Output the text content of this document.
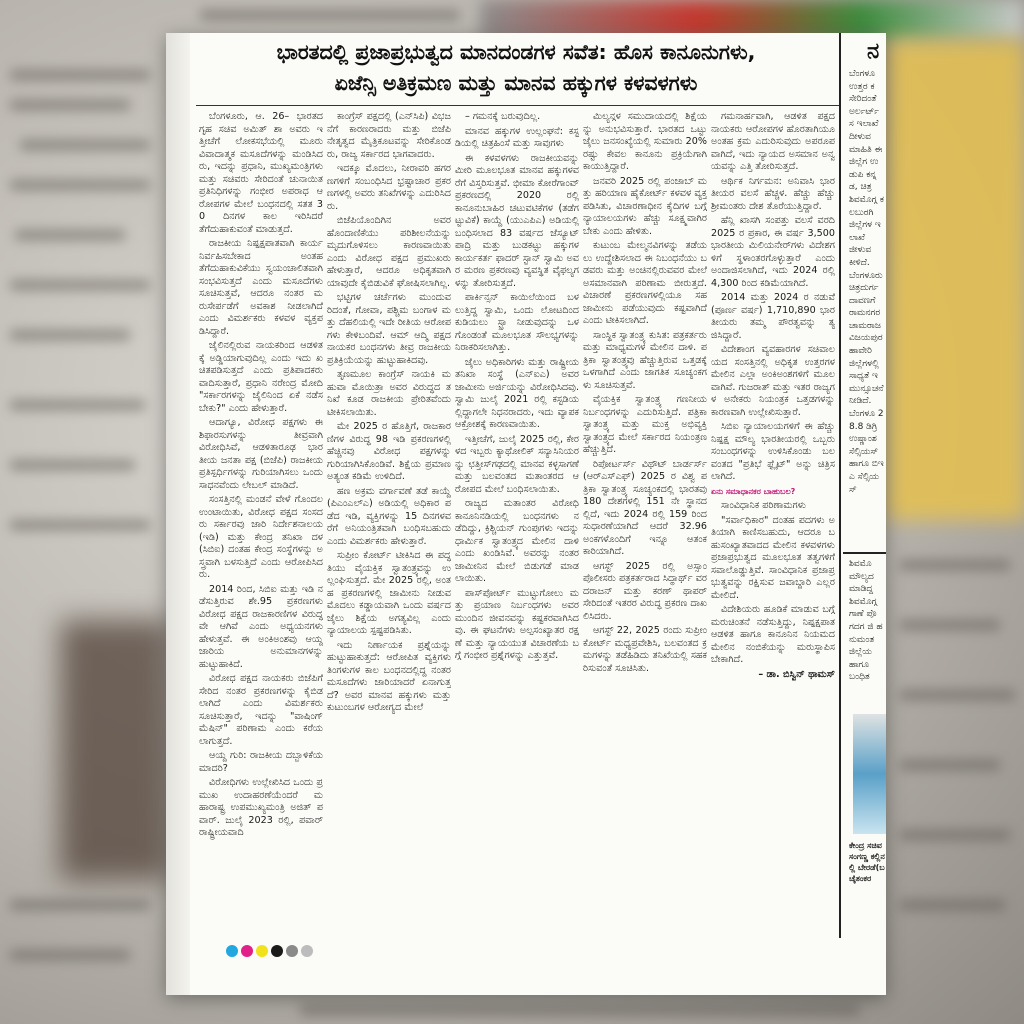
ಭಾರತದಲ್ಲಿ ಪ್ರಜಾಪ್ರಭುತ್ವದ ಮಾನದಂಡಗಳ ಸವೆತ: ಹೊಸ ಕಾನೂನುಗಳು,
ಏಜೆನ್ಸಿ ಅತಿಕ್ರಮಣ ಮತ್ತು ಮಾನವ ಹಕ್ಕುಗಳ ಕಳವಳಗಳು

ಬೆಂಗಳೂರು, ಆ. 26– ಭಾರತದ ಗೃಹ ಸಚಿವ ಅಮಿತ್ ಶಾ ಅವರು ಇತ್ತೀಚೆಗೆ ಲೋಕಸಭೆಯಲ್ಲಿ ಮೂರು ವಿವಾದಾತ್ಮಕ ಮಸೂದೆಗಳನ್ನು ಮಂಡಿಸಿದರು, ಇದನ್ನು ಪ್ರಧಾನಿ, ಮುಖ್ಯಮಂತ್ರಿಗಳು ಮತ್ತು ಸಚಿವರು ಸೇರಿದಂತೆ ಚುನಾಯಿತ ಪ್ರತಿನಿಧಿಗಳನ್ನು ಗಂಭೀರ ಅಪರಾಧ ಆರೋಪಗಳ ಮೇಲೆ ಬಂಧನದಲ್ಲಿ ಸತತ 30 ದಿನಗಳ ಕಾಲ ಇರಿಸಿದರೆ ತೆಗೆದುಹಾಕುವಂತೆ ಮಾಡುತ್ತದೆ.

ರಾಜಕೀಯ ನಿಷ್ಪಕ್ಷಪಾತವಾಗಿ ಕಾರ್ಯನಿರ್ವಹಿಸಬೇಕಾದ ಅಂತಹ ತೆಗೆದುಹಾಕುವಿಕೆಯು ಸ್ವಯಂಚಾಲಿತವಾಗಿ ಸಂಭವಿಸುತ್ತದೆ ಎಂದು ಮಸೂದೆಗಳು ಸೂಚಿಸುತ್ತವೆ, ಆದರೂ ನಂತರ ಮರುಸೇರ್ಪಡೆಗೆ ಅವಕಾಶ ನೀಡಲಾಗಿದೆ ಎಂದು ವಿಮರ್ಶಕರು ಕಳವಳ ವ್ಯಕ್ತಪಡಿಸಿದ್ದಾರೆ.

ಜೈಲಿನಲ್ಲಿರುವ ನಾಯಕರಿಂದ ಆಡಳಿತಕ್ಕೆ ಅಡ್ಡಿಯಾಗುವುದಿಲ್ಲ ಎಂದು ಇದು ಖಚಿತಪಡಿಸುತ್ತದೆ ಎಂದು ಪ್ರತಿಪಾದಕರು ವಾದಿಸುತ್ತಾರೆ, ಪ್ರಧಾನಿ ನರೇಂದ್ರ ಮೋದಿ "ಸರ್ಕಾರಗಳನ್ನು ಜೈಲಿನಿಂದ ಏಕೆ ನಡೆಸಬೇಕು?" ಎಂದು ಹೇಳುತ್ತಾರೆ.

ಆದಾಗ್ಯೂ, ವಿರೋಧ ಪಕ್ಷಗಳು ಈ ಶಿಫಾರಸುಗಳನ್ನು ತೀವ್ರವಾಗಿ ವಿರೋಧಿಸಿವೆ, ಆಡಳಿತಾರೂಢ ಭಾರತೀಯ ಜನತಾ ಪಕ್ಷ (ಬಿಜೆಪಿ) ರಾಜಕೀಯ ಪ್ರತಿಸ್ಪರ್ಧಿಗಳನ್ನು ಗುರಿಯಾಗಿಸಲು ಒಂದು ಸಾಧನವೆಂದು ಲೇಬಲ್ ಮಾಡಿದೆ.

ಸಂಸತ್ತಿನಲ್ಲಿ ಮಂಡನೆ ವೇಳೆ ಗೊಂದಲ ಉಂಟಾಯಿತು, ವಿರೋಧ ಪಕ್ಷದ ಸಂಸದರು ಸರ್ಕಾರವು ಜಾರಿ ನಿರ್ದೇಶನಾಲಯ (ಇಡಿ) ಮತ್ತು ಕೇಂದ್ರ ತನಿಖಾ ದಳ (ಸಿಬಿಐ) ದಂತಹ ಕೇಂದ್ರ ಸಂಸ್ಥೆಗಳನ್ನು ಅಸ್ತ್ರವಾಗಿ ಬಳಸುತ್ತಿದೆ ಎಂದು ಆರೋಪಿಸಿದರು.

2014 ರಿಂದ, ಸಿಬಿಐ ಮತ್ತು ಇಡಿ ನಡೆಸುತ್ತಿರುವ ಶೇ.95 ಪ್ರಕರಣಗಳು ವಿರೋಧ ಪಕ್ಷದ ರಾಜಕಾರಣಿಗಳ ವಿರುದ್ಧವೇ ಆಗಿವೆ ಎಂದು ಅಧ್ಯಯನಗಳು ಹೇಳುತ್ತವೆ. ಈ ಅಂಕಿಅಂಶವು ಆಯ್ದ ಜಾರಿಯ ಅನುಮಾನಗಳನ್ನು ಹುಟ್ಟುಹಾಕಿದೆ.

ವಿರೋಧ ಪಕ್ಷದ ನಾಯಕರು ಬಿಜೆಪಿಗೆ ಸೇರಿದ ನಂತರ ಪ್ರಕರಣಗಳನ್ನು ಕೈಬಿಡಲಾಗಿದೆ ಎಂದು ವಿಮರ್ಶಕರು ಸೂಚಿಸುತ್ತಾರೆ, ಇದನ್ನು "ವಾಷಿಂಗ್ ಮೆಷಿನ್" ಪರಿಣಾಮ ಎಂದು ಕರೆಯಲಾಗುತ್ತದೆ.

ಆಯ್ದ ಗುರಿ: ರಾಜಕೀಯ ದಬ್ಬಾಳಿಕೆಯ ಮಾದರಿ?

ವಿರೋಧಿಗಳು ಉಲ್ಲೇಖಿಸಿದ ಒಂದು ಪ್ರಮುಖ ಉದಾಹರಣೆಯೆಂದರೆ ಮಹಾರಾಷ್ಟ್ರ ಉಪಮುಖ್ಯಮಂತ್ರಿ ಅಜಿತ್ ಪವಾರ್. ಜುಲೈ 2023 ರಲ್ಲಿ, ಪವಾರ್ ರಾಷ್ಟ್ರೀಯವಾದಿ

ಕಾಂಗ್ರೆಸ್ ಪಕ್ಷದಲ್ಲಿ (ಎನ್‌ಸಿಪಿ) ವಿಭಜನೆಗೆ ಕಾರಣರಾದರು ಮತ್ತು ಬಿಜೆಪಿ ನೇತೃತ್ವದ ಮೈತ್ರಿಕೂಟವನ್ನು ಸೇರಿಕೊಂಡರು, ರಾಜ್ಯ ಸರ್ಕಾರದ ಭಾಗವಾದರು.

ಇದಕ್ಕೂ ಮೊದಲು, ನೀರಾವರಿ ಹಗರಣಗಳಿಗೆ ಸಂಬಂಧಿಸಿದ ಭ್ರಷ್ಟಾಚಾರ ಪ್ರಕರಣಗಳಲ್ಲಿ ಅವರು ತನಿಖೆಗಳನ್ನು ಎದುರಿಸಿದರು.

ಬಿಜೆಪಿಯೊಂದಿಗಿನ ಅವರ ಹೊಂದಾಣಿಕೆಯು ಪರಿಶೀಲನೆಯನ್ನು ಮೃದುಗೊಳಿಸಲು ಕಾರಣವಾಯಿತು ಎಂದು ವಿರೋಧ ಪಕ್ಷದ ಪ್ರಮುಖರು ಹೇಳುತ್ತಾರೆ, ಆದರೂ ಅಧಿಕೃತವಾಗಿ ಯಾವುದೇ ಕೈಬಿಡುವಿಕೆ ಘೋಷಿಸಲಾಗಿಲ್ಲ.

ಭಟ್ಟಿಗಳ ಚರ್ಚೆಗಳು ಮುಂದುವರಿದಂತೆ, ಗೋವಾ, ಪಶ್ಚಿಮ ಬಂಗಾಳ ಮತ್ತು ದೆಹಲಿಯಲ್ಲಿ ಇದೇ ರೀತಿಯ ಆರೋಪಗಳು ಕೇಳಿಬಂದಿವೆ. ಆಮ್ ಆದ್ಮಿ ಪಕ್ಷದ ನಾಯಕರ ಬಂಧನಗಳು ತೀವ್ರ ರಾಜಕೀಯ ಪ್ರತಿಕ್ರಿಯೆಯನ್ನು ಹುಟ್ಟುಹಾಕಿದವು.

ತೃಣಮೂಲ ಕಾಂಗ್ರೆಸ್ ನಾಯಕಿ ಮಹುವಾ ಮೊಯಿತ್ರಾ ಅವರ ವಿರುದ್ಧದ ತನಿಖೆ ಕೂಡ ರಾಜಕೀಯ ಪ್ರೇರಿತವೆಂದು ಟೀಕಿಸಲಾಯಿತು.

ಮೇ 2025 ರ ಹೊತ್ತಿಗೆ, ರಾಜಕಾರಣಿಗಳ ವಿರುದ್ಧ 98 ಇಡಿ ಪ್ರಕರಣಗಳಲ್ಲಿ ಹೆಚ್ಚಿನವು ವಿರೋಧ ಪಕ್ಷಗಳನ್ನು ಗುರಿಯಾಗಿಸಿಕೊಂಡಿವೆ. ಶಿಕ್ಷೆಯ ಪ್ರಮಾಣ ಅತ್ಯಂತ ಕಡಿಮೆ ಉಳಿದಿದೆ.

ಹಣ ಅಕ್ರಮ ವರ್ಗಾವಣೆ ತಡೆ ಕಾಯ್ದೆ (ಪಿಎಂಎಲ್‌ಎ) ಅಡಿಯಲ್ಲಿ ಅಧಿಕಾರ ಪಡೆದ ಇಡಿ, ವ್ಯಕ್ತಿಗಳನ್ನು 15 ದಿನಗಳವರೆಗೆ ಅನಿಯಂತ್ರಿತವಾಗಿ ಬಂಧಿಸಬಹುದು ಎಂದು ವಿಮರ್ಶಕರು ಹೇಳುತ್ತಾರೆ.

ಸುಪ್ರೀಂ ಕೋರ್ಟ್ ಟೀಕಿಸಿದ ಈ ಪದ್ಧತಿಯು ವೈಯಕ್ತಿಕ ಸ್ವಾತಂತ್ರ್ಯವನ್ನು ಉಲ್ಲಂಘಿಸುತ್ತದೆ. ಮೇ 2025 ರಲ್ಲಿ, ಅಂತಹ ಪ್ರಕರಣಗಳಲ್ಲಿ ಜಾಮೀನು ನೀಡುವ ಮೊದಲು ಕಡ್ಡಾಯವಾಗಿ ಒಂದು ವರ್ಷದ ಜೈಲು ಶಿಕ್ಷೆಯ ಅಗತ್ಯವಿಲ್ಲ ಎಂದು ನ್ಯಾಯಾಲಯ ಸ್ಪಷ್ಟಪಡಿಸಿತು.

ಇದು ನಿರ್ಣಾಯಕ ಪ್ರಶ್ನೆಯನ್ನು ಹುಟ್ಟುಹಾಕುತ್ತದೆ: ಆರೋಪಿತ ವ್ಯಕ್ತಿಗಳು ತಿಂಗಳುಗಳ ಕಾಲ ಬಂಧನದಲ್ಲಿದ್ದ ನಂತರ ಮಸೂದೆಗಳು ಜಾರಿಯಾದರೆ ಏನಾಗುತ್ತದೆ? ಅವರ ಮಾನವ ಹಕ್ಕುಗಳು ಮತ್ತು ಕುಟುಂಬಗಳ ಆರೋಗ್ಯದ ಮೇಲೆ

– ಗಮನಕ್ಕೆ ಬರುವುದಿಲ್ಲ.

ಮಾನವ ಹಕ್ಕುಗಳ ಉಲ್ಲಂಘನೆ: ಕಸ್ಟಡಿಯಲ್ಲಿ ಚಿತ್ರಹಿಂಸೆ ಮತ್ತು ಸಾವುಗಳು

ಈ ಕಳವಳಗಳು ರಾಜಕೀಯವನ್ನು ಮೀರಿ ಮೂಲಭೂತ ಮಾನವ ಹಕ್ಕುಗಳವರೆಗೆ ವಿಸ್ತರಿಸುತ್ತವೆ. ಭೀಮಾ ಕೋರೆಗಾಂವ್ ಪ್ರಕರಣದಲ್ಲಿ 2020 ರಲ್ಲಿ ಕಾನೂನುಬಾಹಿರ ಚಟುವಟಿಕೆಗಳ (ತಡೆಗಟ್ಟುವಿಕೆ) ಕಾಯ್ದೆ (ಯುಎಪಿಎ) ಅಡಿಯಲ್ಲಿ ಬಂಧಿಸಲಾದ 83 ವರ್ಷದ ಜೆಸ್ಯೂಟ್ ಪಾದ್ರಿ ಮತ್ತು ಬುಡಕಟ್ಟು ಹಕ್ಕುಗಳ ಕಾರ್ಯಕರ್ತ ಫಾದರ್ ಸ್ಟಾನ್ ಸ್ವಾಮಿ ಅವರ ಮರಣ ಪ್ರಕರಣವು ವ್ಯವಸ್ಥಿತ ವೈಫಲ್ಯಗಳನ್ನು ತೋರಿಸುತ್ತದೆ.

ಪಾರ್ಕಿನ್ಸನ್ ಕಾಯಿಲೆಯಿಂದ ಬಳಲುತ್ತಿದ್ದ ಸ್ವಾಮಿ, ಒಂದು ಲೋಟದಿಂದ ಕುಡಿಯಲು ಸ್ಟ್ರಾ ನೀಡುವುದನ್ನು ಒಳಗೊಂಡಂತೆ ಮೂಲಭೂತ ಸೌಲಭ್ಯಗಳನ್ನು ನಿರಾಕರಿಸಲಾಗಿತ್ತು.

ಜೈಲು ಅಧಿಕಾರಿಗಳು ಮತ್ತು ರಾಷ್ಟ್ರೀಯ ತನಿಖಾ ಸಂಸ್ಥೆ (ಎನ್‌ಐಎ) ಅವರ ಜಾಮೀನು ಅರ್ಜಿಯನ್ನು ವಿರೋಧಿಸಿದವು. ಸ್ವಾಮಿ ಜುಲೈ 2021 ರಲ್ಲಿ ಕಸ್ಟಡಿಯಲ್ಲಿದ್ದಾಗಲೇ ನಿಧನರಾದರು, ಇದು ವ್ಯಾಪಕ ಆಕ್ರೋಶಕ್ಕೆ ಕಾರಣವಾಯಿತು.

ಇತ್ತೀಚೆಗೆ, ಜುಲೈ 2025 ರಲ್ಲಿ, ಕೇರಳದ ಇಬ್ಬರು ಕ್ಯಾಥೋಲಿಕ್ ಸನ್ಯಾಸಿನಿಯರನ್ನು ಛತ್ತೀಸ್‌ಗಢದಲ್ಲಿ ಮಾನವ ಕಳ್ಳಸಾಗಣೆ ಮತ್ತು ಬಲವಂತದ ಮತಾಂತರದ ಆರೋಪದ ಮೇಲೆ ಬಂಧಿಸಲಾಯಿತು.

ರಾಜ್ಯದ ಮತಾಂತರ ವಿರೋಧಿ ಕಾನೂನಿನಡಿಯಲ್ಲಿ ಬಂಧನಗಳು ನಡೆದಿದ್ದು, ಕ್ರಿಶ್ಚಿಯನ್ ಗುಂಪುಗಳು ಇದನ್ನು ಧಾರ್ಮಿಕ ಸ್ವಾತಂತ್ರ್ಯದ ಮೇಲಿನ ದಾಳಿ ಎಂದು ಖಂಡಿಸಿವೆ. ಅವರನ್ನು ನಂತರ ಜಾಮೀನಿನ ಮೇಲೆ ಬಿಡುಗಡೆ ಮಾಡಲಾಯಿತು.

ಪಾಸ್‌ಪೋರ್ಟ್ ಮುಟ್ಟುಗೋಲು ಮತ್ತು ಪ್ರಯಾಣ ನಿರ್ಬಂಧಗಳು ಅವರ ಮುಂದಿನ ಜೀವನವನ್ನು ಕಷ್ಟಕರವಾಗಿಸಿದವು. ಈ ಘಟನೆಗಳು ಅಲ್ಪಸಂಖ್ಯಾತರ ರಕ್ಷಣೆ ಮತ್ತು ನ್ಯಾಯಯುತ ವಿಚಾರಣೆಯ ಬಗ್ಗೆ ಗಂಭೀರ ಪ್ರಶ್ನೆಗಳನ್ನು ಎತ್ತುತ್ತವೆ.

ಮಿಲ್ಯನ್ಗಳ ಸಮುದಾಯದಲ್ಲಿ ಶಿಕ್ಷೆಯನ್ನು ಅನುಭವಿಸುತ್ತಾರೆ. ಭಾರತದ ಒಟ್ಟು ಜೈಲು ಜನಸಂಖ್ಯೆಯಲ್ಲಿ ಸುಮಾರು 20% ರಷ್ಟು ಕೇವಲ ಕಾನೂನು ಪ್ರಕ್ರಿಯೆಗಾಗಿ ಕಾಯುತ್ತಿದ್ದಾರೆ.

ಜನವರಿ 2025 ರಲ್ಲಿ ಪಂಜಾಬ್ ಮತ್ತು ಹರಿಯಾಣ ಹೈಕೋರ್ಟ್ ಕಳವಳ ವ್ಯಕ್ತಪಡಿಸಿತು, ವಿಚಾರಣಾಧೀನ ಕೈದಿಗಳ ಬಗ್ಗೆ ನ್ಯಾಯಾಲಯಗಳು ಹೆಚ್ಚು ಸೂಕ್ಷ್ಮವಾಗಿರಬೇಕು ಎಂದು ಹೇಳಿತು.

ಕುಟುಂಬ ಮೇಲ್ಮನವಿಗಳನ್ನು ತಡೆಯಲು ಉದ್ದೇಶಿಸಲಾದ ಈ ನಿಬಂಧನೆಯು ಬಡವರು ಮತ್ತು ಅಂಚಿನಲ್ಲಿರುವವರ ಮೇಲೆ ಅಸಮಾನವಾಗಿ ಪರಿಣಾಮ ಬೀರುತ್ತದೆ. ವಿಚಾರಣೆ ಪ್ರಕರಣಗಳಲ್ಲಿಯೂ ಸಹ ಜಾಮೀನು ಪಡೆಯುವುದು ಕಷ್ಟವಾಗಿದೆ ಎಂದು ಟೀಕಿಸಲಾಗಿದೆ.

ಸಾಂಸ್ಥಿಕ ಸ್ವಾತಂತ್ರ್ಯ ಕುಸಿತ: ಪತ್ರಕರ್ತರು ಮತ್ತು ಮಾಧ್ಯಮಗಳ ಮೇಲಿನ ದಾಳಿ. ಪತ್ರಿಕಾ ಸ್ವಾತಂತ್ರ್ಯವು ಹೆಚ್ಚುತ್ತಿರುವ ಒತ್ತಡಕ್ಕೆ ಒಳಗಾಗಿದೆ ಎಂದು ಜಾಗತಿಕ ಸೂಚ್ಯಂಕಗಳು ಸೂಚಿಸುತ್ತವೆ.

ವೈಯಕ್ತಿಕ ಸ್ವಾತಂತ್ರ್ಯ ಗಣನೀಯ ನಿರ್ಬಂಧಗಳನ್ನು ಎದುರಿಸುತ್ತಿದೆ. ಪತ್ರಿಕಾ ಸ್ವಾತಂತ್ರ್ಯ ಮತ್ತು ಮುಕ್ತ ಅಭಿವ್ಯಕ್ತಿ ಸ್ವಾತಂತ್ರ್ಯದ ಮೇಲೆ ಸರ್ಕಾರದ ನಿಯಂತ್ರಣ ಹೆಚ್ಚುತ್ತಿದೆ.

ರಿಪೋರ್ಟರ್ಸ್ ವಿಥೌಟ್ ಬಾರ್ಡರ್ಸ್ (ಆರ್‌ಎಸ್‌ಎಫ್) 2025 ರ ವಿಶ್ವ ಪತ್ರಿಕಾ ಸ್ವಾತಂತ್ರ್ಯ ಸೂಚ್ಯಂಕದಲ್ಲಿ ಭಾರತವು 180 ದೇಶಗಳಲ್ಲಿ 151 ನೇ ಸ್ಥಾನದಲ್ಲಿದೆ, ಇದು 2024 ರಲ್ಲಿ 159 ರಿಂದ ಸುಧಾರಣೆಯಾಗಿದೆ ಆದರೆ 32.96 ಅಂಕಗಳೊಂದಿಗೆ ಇನ್ನೂ ಆತಂಕಕಾರಿಯಾಗಿದೆ.

ಆಗಸ್ಟ್ 2025 ರಲ್ಲಿ ಅಸ್ಸಾಂ ಪೊಲೀಸರು ಪತ್ರಕರ್ತರಾದ ಸಿದ್ಧಾರ್ಥ್ ವರದರಾಜನ್ ಮತ್ತು ಕರಣ್ ಥಾಪರ್ ಸೇರಿದಂತೆ ಇತರರ ವಿರುದ್ಧ ಪ್ರಕರಣ ದಾಖಲಿಸಿದರು.

ಆಗಸ್ಟ್ 22, 2025 ರಂದು ಸುಪ್ರೀಂ ಕೋರ್ಟ್ ಮಧ್ಯಪ್ರವೇಶಿಸಿ, ಬಲವಂತದ ಕ್ರಮಗಳನ್ನು ತಡೆಹಿಡಿದು ತನಿಖೆಯಲ್ಲಿ ಸಹಕರಿಸುವಂತೆ ಸೂಚಿಸಿತು.

ಗಮನಾರ್ಹವಾಗಿ, ಆಡಳಿತ ಪಕ್ಷದ ನಾಯಕರು ಆರೋಪಗಳ ಹೊರತಾಗಿಯೂ ಅಂತಹ ಕ್ರಮ ಎದುರಿಸುವುದು ಅಪರೂಪವಾಗಿದೆ, ಇದು ನ್ಯಾಯದ ಅಸಮಾನ ಅನ್ವಯವನ್ನು ಎತ್ತಿ ತೋರಿಸುತ್ತದೆ.

ಆರ್ಥಿಕ ನಿರ್ಗಮನ: ಅನಿವಾಸಿ ಭಾರತೀಯರ ವಲಸೆ ಹೆಚ್ಚಳ. ಹೆಚ್ಚು ಹೆಚ್ಚು ಶ್ರೀಮಂತರು ದೇಶ ತೊರೆಯುತ್ತಿದ್ದಾರೆ.

ಹೆನ್ಲಿ ಖಾಸಗಿ ಸಂಪತ್ತು ವಲಸೆ ವರದಿ 2025 ರ ಪ್ರಕಾರ, ಈ ವರ್ಷ 3,500 ಭಾರತೀಯ ಮಿಲಿಯನೇರ್‌ಗಳು ವಿದೇಶಗಳಿಗೆ ಸ್ಥಳಾಂತರಗೊಳ್ಳುತ್ತಾರೆ ಎಂದು ಅಂದಾಜಿಸಲಾಗಿದೆ, ಇದು 2024 ರಲ್ಲಿ 4,300 ರಿಂದ ಕಡಿಮೆಯಾಗಿದೆ.

2014 ಮತ್ತು 2024 ರ ನಡುವೆ (ಪೂರ್ಣ ವರ್ಷ) 1,710,890 ಭಾರತೀಯರು ತಮ್ಮ ಪೌರತ್ವವನ್ನು ತ್ಯಜಿಸಿದ್ದಾರೆ.

ವಿದೇಶಾಂಗ ವ್ಯವಹಾರಗಳ ಸಚಿವಾಲಯದ ಸಂಸತ್ತಿನಲ್ಲಿ ಅಧಿಕೃತ ಉತ್ತರಗಳ ಮೇಲಿನ ಎಲ್ಲಾ ಅಂಕಿಅಂಶಗಳಿಗೆ ಮೂಲವಾಗಿವೆ. ಗುಜರಾತ್ ಮತ್ತು ಇತರ ರಾಜ್ಯಗಳ ಅನೇಕರು ನಿಯಂತ್ರಕ ಒತ್ತಡಗಳನ್ನು ಕಾರಣವಾಗಿ ಉಲ್ಲೇಖಿಸುತ್ತಾರೆ.

ಸಿಬಿಐ ನ್ಯಾಯಾಲಯಗಳಿಗೆ ಈ ಹೆಚ್ಚು ನಿಷ್ಪಕ್ಷ ಮೌಲ್ಯ ಭಾರತೀಯರಲ್ಲಿ ಒಬ್ಬರು ಸಂಬಂಧಗಳನ್ನು ಉಳಿಸಿಕೊಂಡು ಬಲವಂತದ "ಪ್ರತಿಭೆ ಫ್ಲೈಟ್" ಅನ್ನು ಚಿತ್ರಿಸಲಾಗಿದೆ.

ಏನು ಸಮಾಧಾನಕರ ಬಾಹುಬಲ?

ಸಾಂವಿಧಾನಿಕ ಪರಿಣಾಮಗಳು

"ಸರ್ವಾಧಿಕಾರ" ದಂತಹ ಪದಗಳು ಅತಿಯಾಗಿ ಕಾಣಿಸಬಹುದು, ಆದರೂ ಬಹುಸಂಖ್ಯಾತವಾದದ ಮೇಲಿನ ಕಳವಳಗಳು ಪ್ರಜಾಪ್ರಭುತ್ವದ ಮೂಲಭೂತ ತತ್ವಗಳಿಗೆ ಸವಾಲೊಡ್ಡುತ್ತಿವೆ. ಸಾಂವಿಧಾನಿಕ ಪ್ರಜಾಪ್ರಭುತ್ವವನ್ನು ರಕ್ಷಿಸುವ ಜವಾಬ್ದಾರಿ ಎಲ್ಲರ ಮೇಲಿದೆ.

ವಿದೇಶಿಯರು ಹೂಡಿಕೆ ಮಾಡುವ ಬಗ್ಗೆ ಮರುಚಿಂತನೆ ನಡೆಸುತ್ತಿದ್ದು, ನಿಷ್ಪಕ್ಷಪಾತ ಆಡಳಿತ ಹಾಗೂ ಕಾನೂನಿನ ನಿಯಮದ ಮೇಲಿನ ನಂಬಿಕೆಯನ್ನು ಮರುಸ್ಥಾಪಿಸಬೇಕಾಗಿದೆ.

– ಡಾ. ಬಿಸ್ವಿನ್ ಥಾಮಸ್

ನ
ಬೆಂಗಳೂ ಉತ್ತರ ಕ ಸೇರಿದಂತೆ ಅರ್ಲರ್ಟ್ ಸ ಇಲಾಖೆ ದೀಳುವ ಮಾಹಿತಿ ಈ ಜಿಲ್ಲೆಗ ಉಡುಪಿ ಕನ್ನಡ, ಚಿತ್ರ ಶಿವಮೊಗ್ಗ ಕಲಬುರಗಿ ಜಿಲ್ಲೆಗಳ ಇಲಾಖೆ ಜೀಳುವ ಕೀಳಿದೆ. ಬೆಂಗಳೂರು ಚಿತ್ರದುರ್ಗ ದಾವಣಗೆ ರಾಮನಗರ ಚಾಮರಾಜ ವಿಜಯಪುರ ಹಾವೇರಿ ಜಿಲ್ಲೆಗಳಲ್ಲಿ ಸಾಧ್ಯತೆ ಇ ಮುನ್ಸೂಚನೆ ನೀಡಿದೆ. ಬೆಂಗಳೂ 28.8 ಡಿಗ್ರಿ ಉಷ್ಣಾಂಶ ಸೆಲ್ಸಿಯಸ್ ಹಾಗೂ ಬಿಇಎ ಸೆಲ್ಸಿಯಸ್
ಶಿವಮೊ ಮೌಲ್ಯದ ಮಾಡಿದ್ದ ಶಿವಮೊಗ್ಗ ಗಾಣೆ ಪೊ ಗದಗ ಜಿ ಹನುಮಂತ ಜಿಲ್ಲೆಯ ಹಾಗೂ ಬಂಧಿತ
ಕೇಂದ್ರ ಸಚಿವ ಸಂಗಣ್ಣ ಕಲ್ಲಿನಲ್ಲಿ ಬೇರಡೆ(ಬ ಚೈತಂಕರ
